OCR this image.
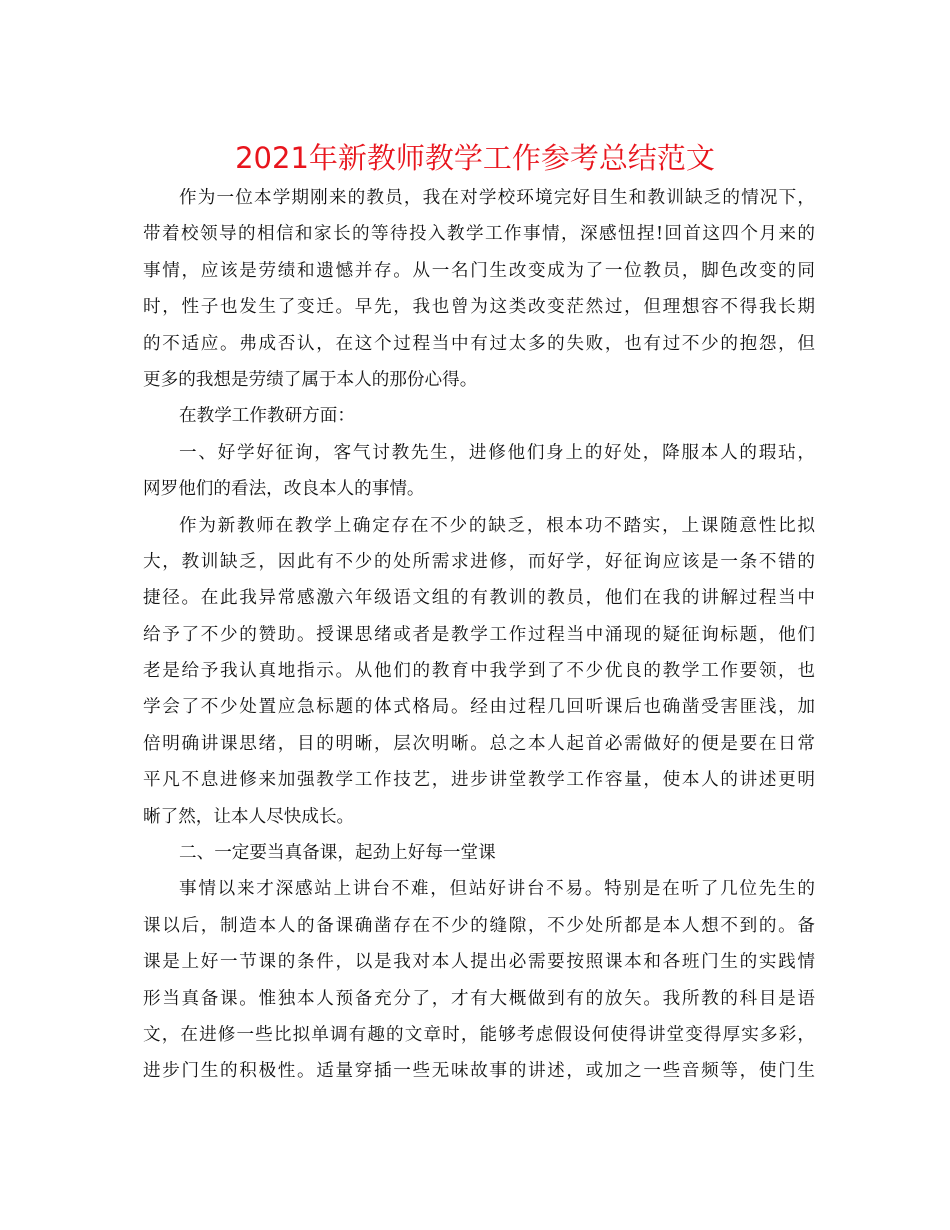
2021年新教师教学工作参考总结范文
作为一位本学期刚来的教员，我在对学校环境完好目生和教训缺乏的情况下，
带着校领导的相信和家长的等待投入教学工作事情，深感忸捏!回首这四个月来的
事情，应该是劳绩和遗憾并存。从一名门生改变成为了一位教员，脚色改变的同
时，性子也发生了变迁。早先，我也曾为这类改变茫然过，但理想容不得我长期
的不适应。弗成否认，在这个过程当中有过太多的失败，也有过不少的抱怨，但
更多的我想是劳绩了属于本人的那份心得。
在教学工作教研方面：
一、好学好征询，客气讨教先生，进修他们身上的好处，降服本人的瑕玷，
网罗他们的看法，改良本人的事情。
作为新教师在教学上确定存在不少的缺乏，根本功不踏实，上课随意性比拟
大，教训缺乏，因此有不少的处所需求进修，而好学，好征询应该是一条不错的
捷径。在此我异常感激六年级语文组的有教训的教员，他们在我的讲解过程当中
给予了不少的赞助。授课思绪或者是教学工作过程当中涌现的疑征询标题，他们
老是给予我认真地指示。从他们的教育中我学到了不少优良的教学工作要领，也
学会了不少处置应急标题的体式格局。经由过程几回听课后也确凿受害匪浅，加
倍明确讲课思绪，目的明晰，层次明晰。总之本人起首必需做好的便是要在日常
平凡不息进修来加强教学工作技艺，进步讲堂教学工作容量，使本人的讲述更明
晰了然，让本人尽快成长。
二、一定要当真备课，起劲上好每一堂课
事情以来才深感站上讲台不难，但站好讲台不易。特别是在听了几位先生的
课以后，制造本人的备课确凿存在不少的缝隙，不少处所都是本人想不到的。备
课是上好一节课的条件，以是我对本人提出必需要按照课本和各班门生的实践情
形当真备课。惟独本人预备充分了，才有大概做到有的放矢。我所教的科目是语
文，在进修一些比拟单调有趣的文章时，能够考虑假设何使得讲堂变得厚实多彩，
进步门生的积极性。适量穿插一些无味故事的讲述，或加之一些音频等，使门生
